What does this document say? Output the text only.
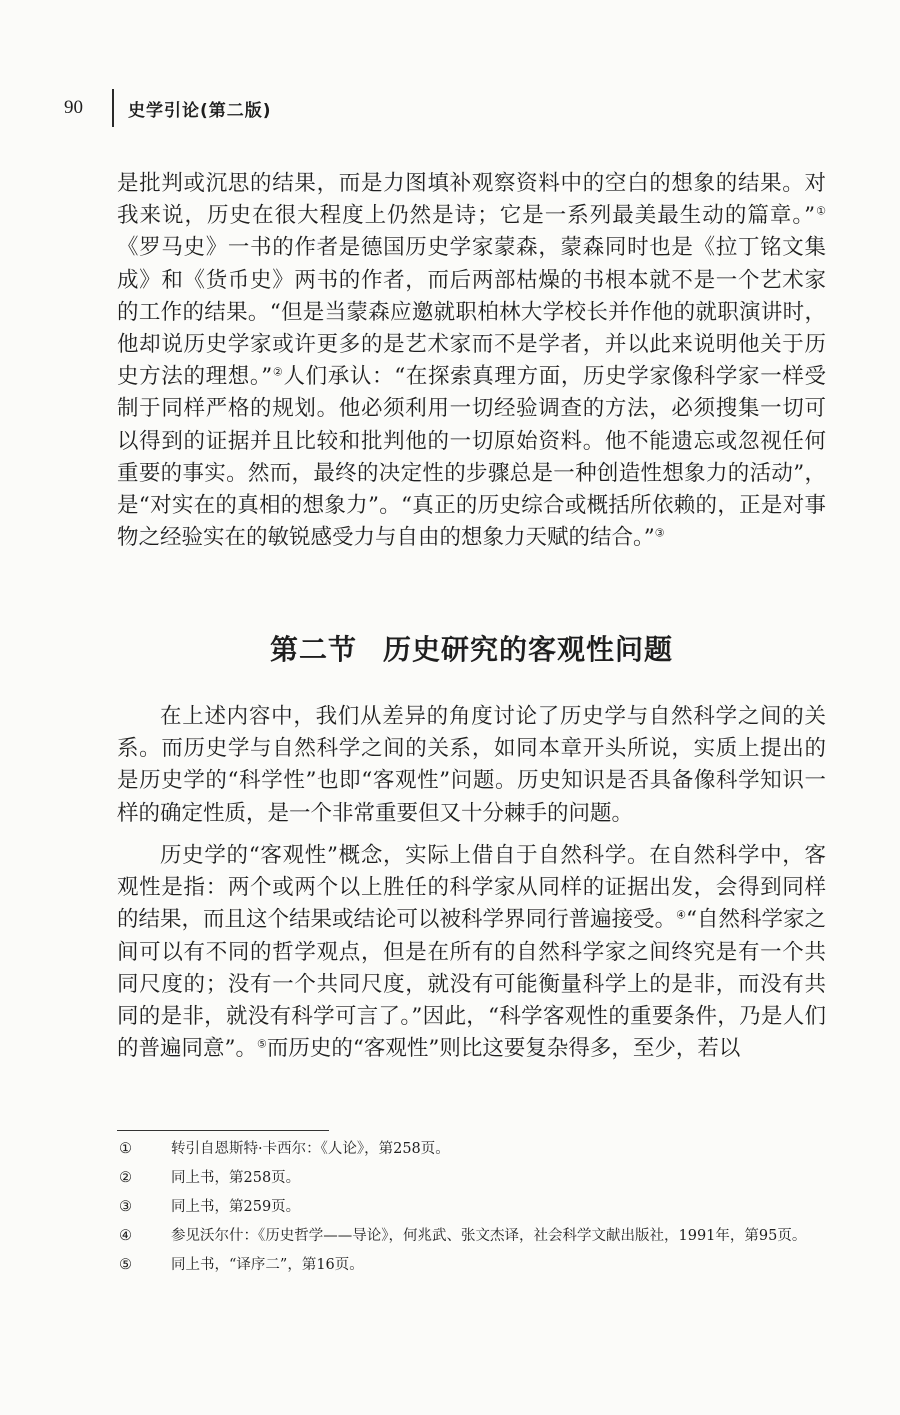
90	史学引论(第二版)

是批判或沉思的结果，而是力图填补观察资料中的空白的想象的结果。对我来说，历史在很大程度上仍然是诗；它是一系列最美最生动的篇章。”①《罗马史》一书的作者是德国历史学家蒙森，蒙森同时也是《拉丁铭文集成》和《货币史》两书的作者，而后两部枯燥的书根本就不是一个艺术家的工作的结果。“但是当蒙森应邀就职柏林大学校长并作他的就职演讲时，他却说历史学家或许更多的是艺术家而不是学者，并以此来说明他关于历史方法的理想。”②人们承认：“在探索真理方面，历史学家像科学家一样受制于同样严格的规划。他必须利用一切经验调查的方法，必须搜集一切可以得到的证据并且比较和批判他的一切原始资料。他不能遗忘或忽视任何重要的事实。然而，最终的决定性的步骤总是一种创造性想象力的活动”，是“对实在的真相的想象力”。“真正的历史综合或概括所依赖的，正是对事物之经验实在的敏锐感受力与自由的想象力天赋的结合。”③

第二节 历史研究的客观性问题

在上述内容中，我们从差异的角度讨论了历史学与自然科学之间的关系。而历史学与自然科学之间的关系，如同本章开头所说，实质上提出的是历史学的“科学性”也即“客观性”问题。历史知识是否具备像科学知识一样的确定性质，是一个非常重要但又十分棘手的问题。

历史学的“客观性”概念，实际上借自于自然科学。在自然科学中，客观性是指：两个或两个以上胜任的科学家从同样的证据出发，会得到同样的结果，而且这个结果或结论可以被科学界同行普遍接受。④“自然科学家之间可以有不同的哲学观点，但是在所有的自然科学家之间终究是有一个共同尺度的；没有一个共同尺度，就没有可能衡量科学上的是非，而没有共同的是非，就没有科学可言了。”因此，“科学客观性的重要条件，乃是人们的普遍同意”。⑤而历史的“客观性”则比这要复杂得多，至少，若以

①	转引自恩斯特·卡西尔：《人论》，第258页。
②	同上书，第258页。
③	同上书，第259页。
④	参见沃尔什：《历史哲学——导论》，何兆武、张文杰译，社会科学文献出版社，1991年，第95页。
⑤	同上书，“译序二”，第16页。
